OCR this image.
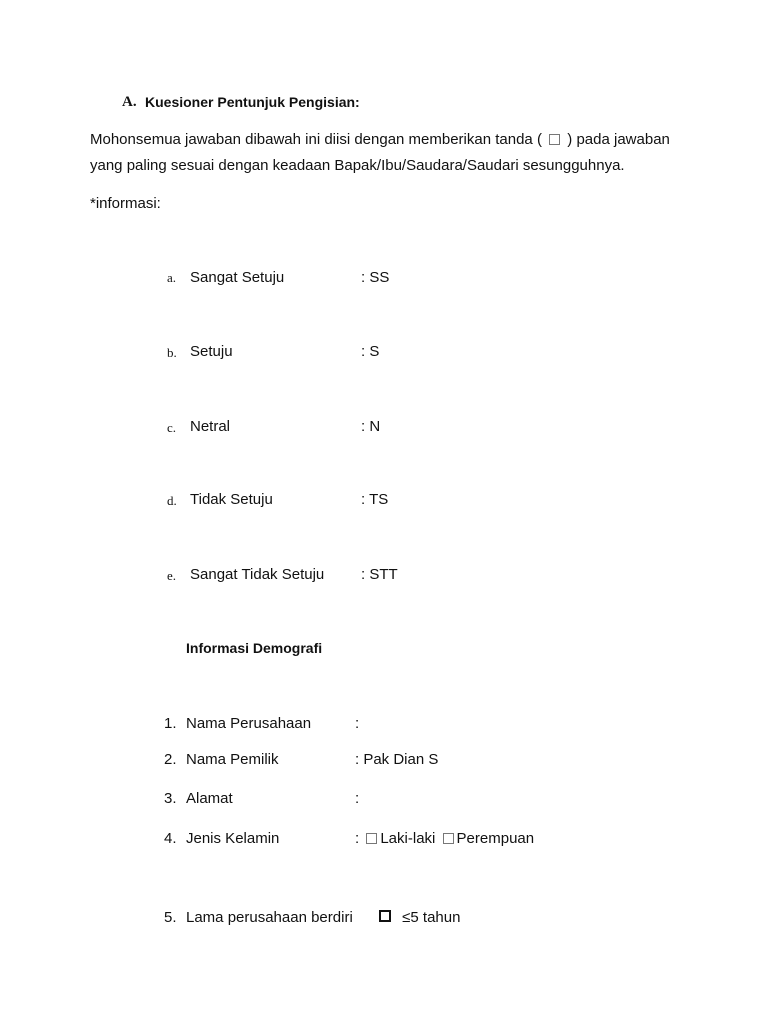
A. Kuesioner Pentunjuk Pengisian:
Mohonsemua jawaban dibawah ini diisi dengan memberikan tanda ( ) pada jawaban
yang paling sesuai dengan keadaan Bapak/Ibu/Saudara/Saudari sesungguhnya.
*informasi:
a. Sangat Setuju	: SS
b. Setuju	: S
c. Netral	: N
d. Tidak Setuju	: TS
e. Sangat Tidak Setuju : STT
Informasi Demografi
1. Nama Perusahaan	:
2. Nama Pemilik	: Pak Dian S
3. Alamat	:
4. Jenis Kelamin	: Laki-laki Perempuan
5. Lama perusahaan berdiri	≤5 tahun
